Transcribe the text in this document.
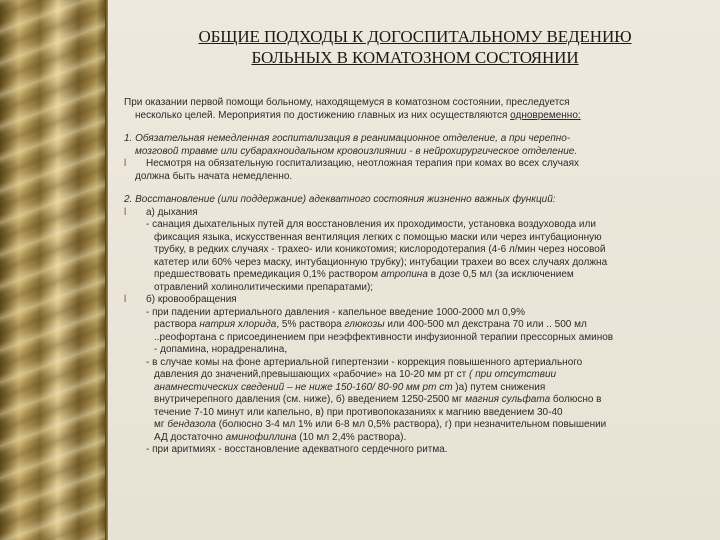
ОБЩИЕ ПОДХОДЫ К ДОГОСПИТАЛЬНОМУ ВЕДЕНИЮ
БОЛЬНЫХ В КОМАТОЗНОМ СОСТОЯНИИ

При оказании первой помощи больному, находящемуся в коматозном состоянии, преследуется

несколько целей. Мероприятия по достижению главных из них осуществляются одновременно:

1. Обязательная немедленная госпитализация в реанимационное отделение, а при черепно-

мозговой травме или субарахноидальном кровоизлиянии - в нейрохирургическое отделение.

l Несмотря на обязательную госпитализацию, неотложная терапия при комах во всех случаях

должна быть начата немедленно.

2. Восстановление (или поддержание) адекватного состояния жизненно важных функций:

l а) дыхания

- санация дыхательных путей для восстановления их проходимости, установка воздуховода или

фиксация языка, искусственная вентиляция легких с помощью маски или через интубационную

трубку, в редких случаях - трахео- или коникотомия; кислородотерапия (4-6 л/мин через носовой

катетер или 60% через маску, интубационную трубку); интубации трахеи во всех случаях должна

предшествовать премедикация 0,1% раствором атропина в дозе 0,5 мл (за исключением

отравлений холинолитическими препаратами);

l б) кровообращения

- при падении артериального давления - капельное введение 1000-2000 мл 0,9%

раствора натрия хлорида, 5% раствора глюкозы или 400-500 мл декстрана 70 или .. 500 мл

..реофортана с присоединением при неэффективности инфузионной терапии прессорных аминов

- допамина, норадреналина,

- в случае комы на фоне артериальной гипертензии - коррекция повышенного артериального

давления до значений,превышающих «рабочие» на 10-20 мм рт ст ( при отсутствии

анамнестических сведений – не ниже 150-160/ 80-90 мм рт ст )а) путем снижения

внутричерепного давления (см. ниже), б) введением 1250-2500 мг магния сульфата болюсно в

течение 7-10 минут или капельно, в) при противопоказаниях к магнию введением 30-40

мг бендазола (болюсно 3-4 мл 1% или 6-8 мл 0,5% раствора), г) при незначительном повышении

АД достаточно аминофиллина (10 мл 2,4% раствора).

- при аритмиях - восстановление адекватного сердечного ритма.
